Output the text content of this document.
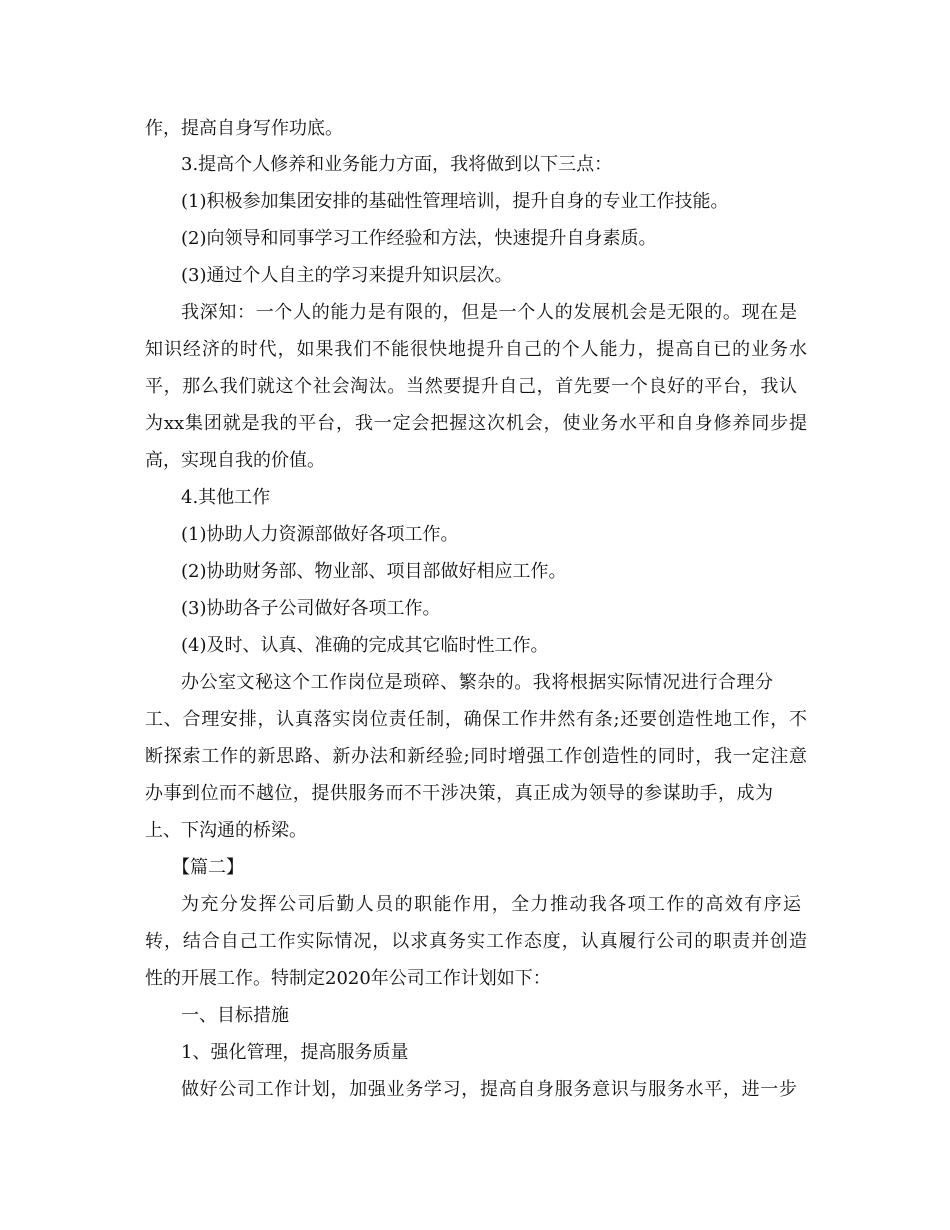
作，提高自身写作功底。
3.提高个人修养和业务能力方面，我将做到以下三点：
(1)积极参加集团安排的基础性管理培训，提升自身的专业工作技能。
(2)向领导和同事学习工作经验和方法，快速提升自身素质。
(3)通过个人自主的学习来提升知识层次。
我深知：一个人的能力是有限的，但是一个人的发展机会是无限的。现在是
知识经济的时代，如果我们不能很快地提升自己的个人能力，提高自已的业务水
平，那么我们就这个社会淘汰。当然要提升自己，首先要一个良好的平台，我认
为xx集团就是我的平台，我一定会把握这次机会，使业务水平和自身修养同步提
高，实现自我的价值。
4.其他工作
(1)协助人力资源部做好各项工作。
(2)协助财务部、物业部、项目部做好相应工作。
(3)协助各子公司做好各项工作。
(4)及时、认真、准确的完成其它临时性工作。
办公室文秘这个工作岗位是琐碎、繁杂的。我将根据实际情况进行合理分
工、合理安排，认真落实岗位责任制，确保工作井然有条;还要创造性地工作，不
断探索工作的新思路、新办法和新经验;同时增强工作创造性的同时，我一定注意
办事到位而不越位，提供服务而不干涉决策，真正成为领导的参谋助手，成为
上、下沟通的桥梁。
【篇二】
为充分发挥公司后勤人员的职能作用，全力推动我各项工作的高效有序运
转，结合自己工作实际情况，以求真务实工作态度，认真履行公司的职责并创造
性的开展工作。特制定2020年公司工作计划如下：
一、目标措施
1、强化管理，提高服务质量
做好公司工作计划，加强业务学习，提高自身服务意识与服务水平，进一步
